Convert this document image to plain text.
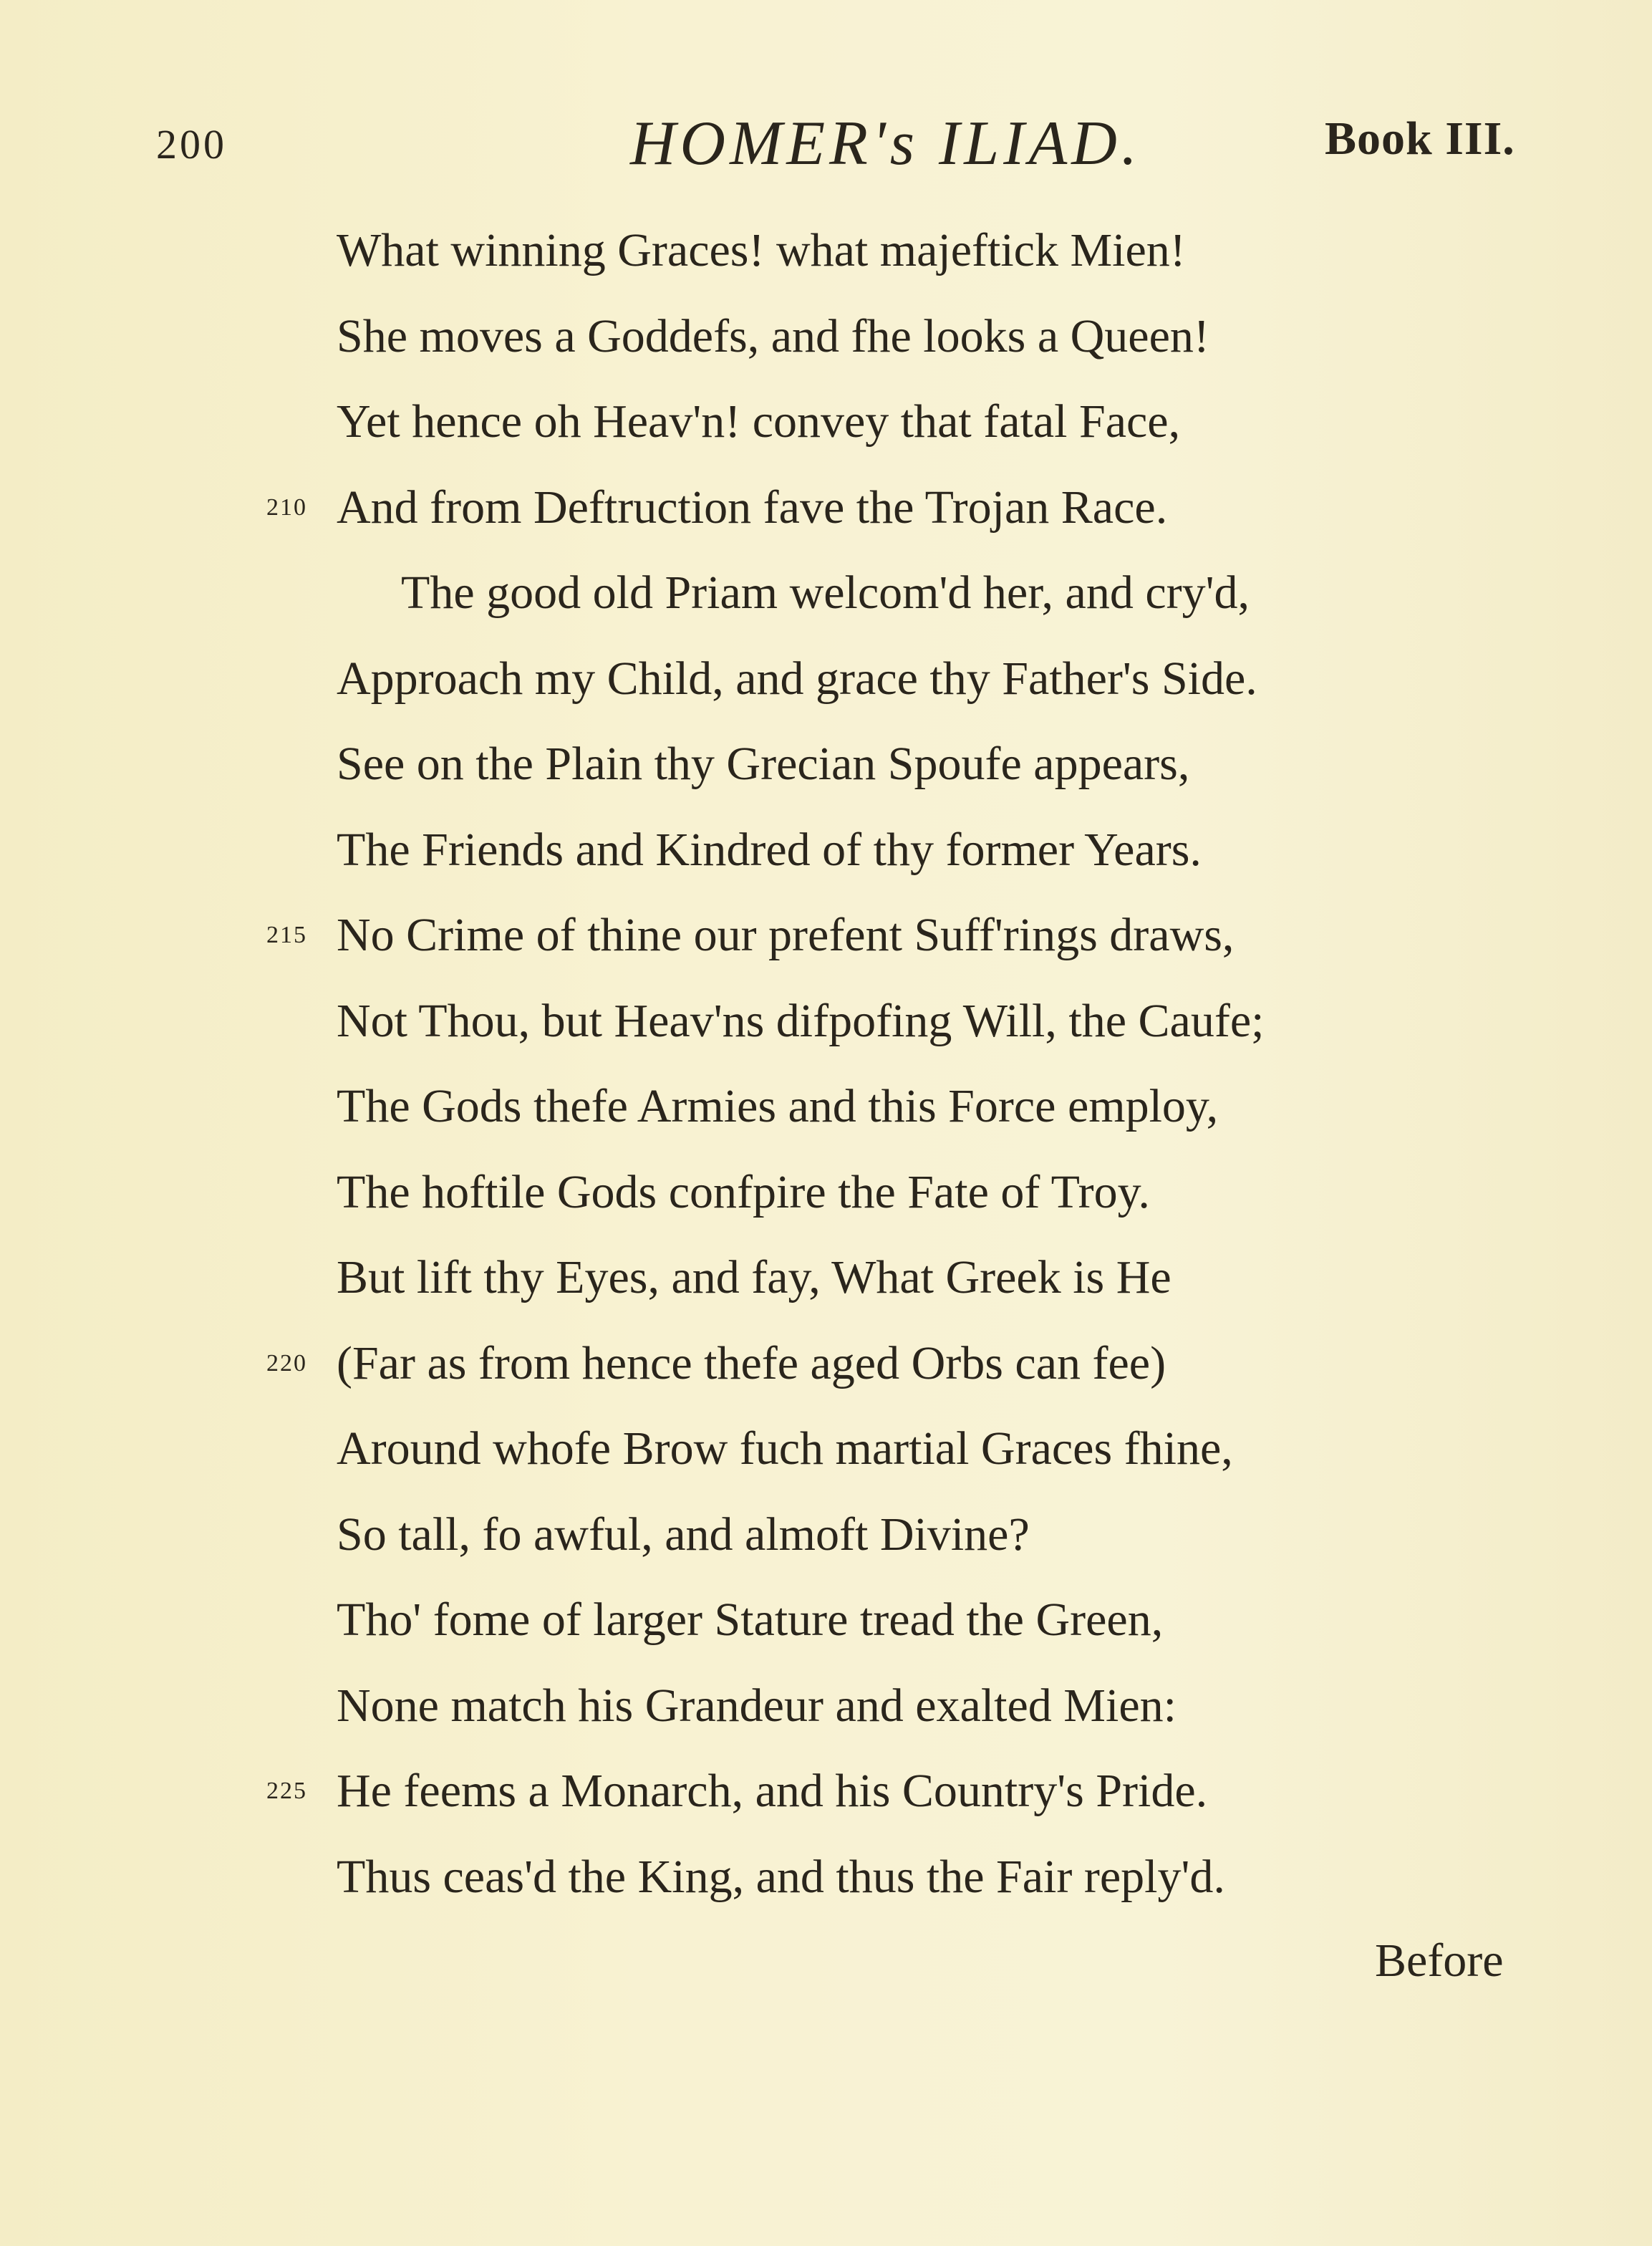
200	HOMER's ILIAD.	Book III.
What winning Graces! what majeftick Mien!
She moves a Goddefs, and fhe looks a Queen!
Yet hence oh Heav'n! convey that fatal Face,
210 And from Deftruction fave the Trojan Race.
The good old Priam welcom'd her, and cry'd,
Approach my Child, and grace thy Father's Side.
See on the Plain thy Grecian Spoufe appears,
The Friends and Kindred of thy former Years.
215 No Crime of thine our prefent Suff'rings draws,
Not Thou, but Heav'ns difpofing Will, the Caufe;
The Gods thefe Armies and this Force employ,
The hoftile Gods confpire the Fate of Troy.
But lift thy Eyes, and fay, What Greek is He
220 (Far as from hence thefe aged Orbs can fee)
Around whofe Brow fuch martial Graces fhine,
So tall, fo awful, and almoft Divine?
Tho' fome of larger Stature tread the Green,
None match his Grandeur and exalted Mien:
225 He feems a Monarch, and his Country's Pride.
Thus ceas'd the King, and thus the Fair reply'd.
Before
